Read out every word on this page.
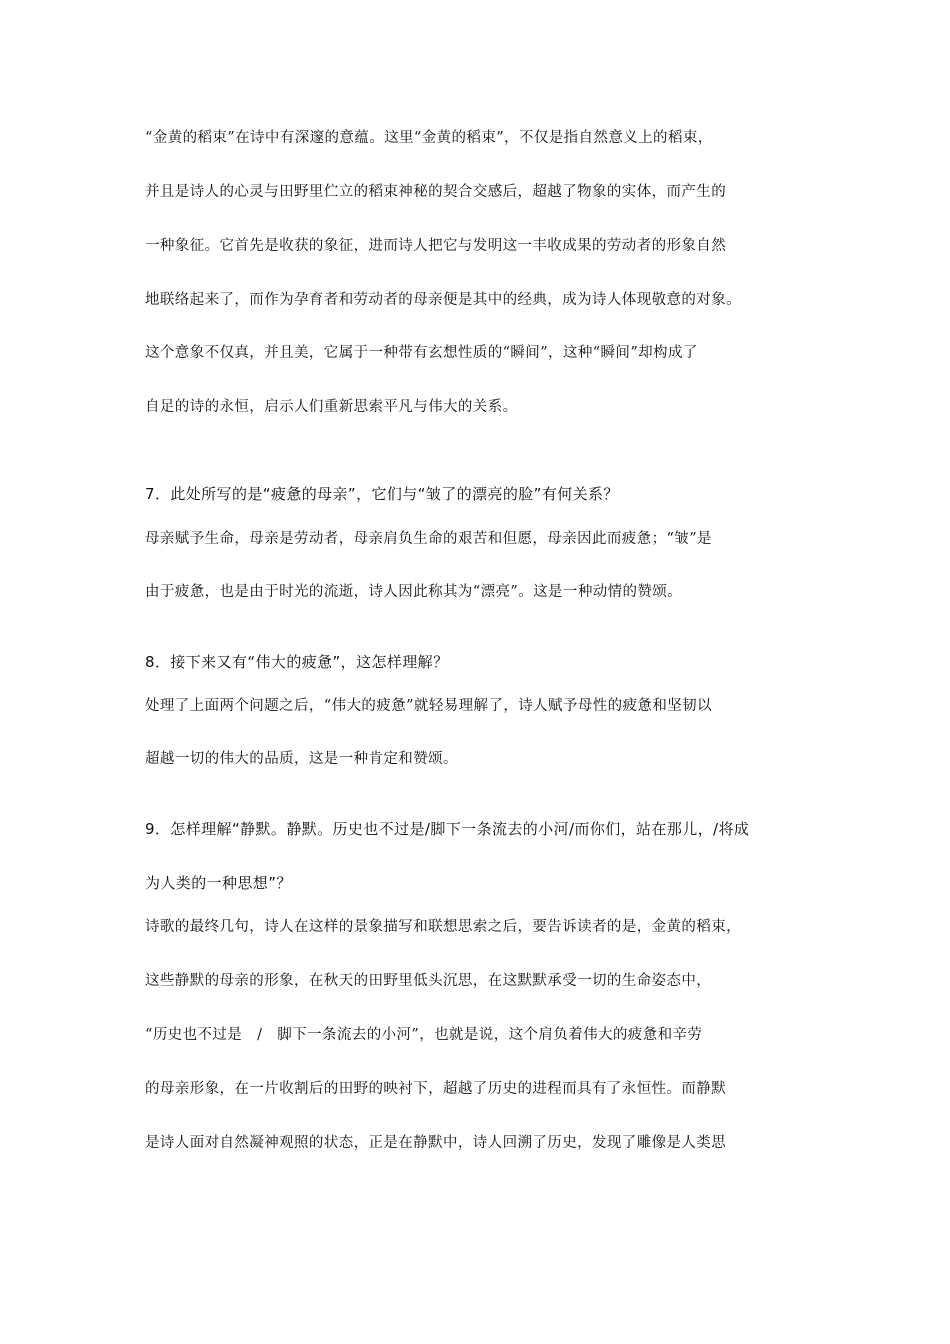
“金黄的稻束”在诗中有深邃的意蕴。这里“金黄的稻束”，不仅是指自然意义上的稻束，
并且是诗人的心灵与田野里伫立的稻束神秘的契合交感后，超越了物象的实体，而产生的
一种象征。它首先是收获的象征，进而诗人把它与发明这一丰收成果的劳动者的形象自然
地联络起来了，而作为孕育者和劳动者的母亲便是其中的经典，成为诗人体现敬意的对象。
这个意象不仅真，并且美，它属于一种带有玄想性质的“瞬间”，这种“瞬间”却构成了
自足的诗的永恒，启示人们重新思索平凡与伟大的关系。
7．此处所写的是“疲惫的母亲”，它们与“皱了的漂亮的脸”有何关系？
母亲赋予生命，母亲是劳动者，母亲肩负生命的艰苦和但愿，母亲因此而疲惫；“皱”是
由于疲惫，也是由于时光的流逝，诗人因此称其为“漂亮”。这是一种动情的赞颂。
8．接下来又有“伟大的疲惫”，这怎样理解？
处理了上面两个问题之后，“伟大的疲惫”就轻易理解了，诗人赋予母性的疲惫和坚韧以
超越一切的伟大的品质，这是一种肯定和赞颂。
9．怎样理解“静默。静默。历史也不过是/脚下一条流去的小河/而你们，站在那儿，/将成
为人类的一种思想”？
诗歌的最终几句，诗人在这样的景象描写和联想思索之后，要告诉读者的是，金黄的稻束，
这些静默的母亲的形象，在秋天的田野里低头沉思，在这默默承受一切的生命姿态中，
“历史也不过是　/　脚下一条流去的小河”，也就是说，这个肩负着伟大的疲惫和辛劳
的母亲形象，在一片收割后的田野的映衬下，超越了历史的进程而具有了永恒性。而静默
是诗人面对自然凝神观照的状态，正是在静默中，诗人回溯了历史，发现了雕像是人类思
